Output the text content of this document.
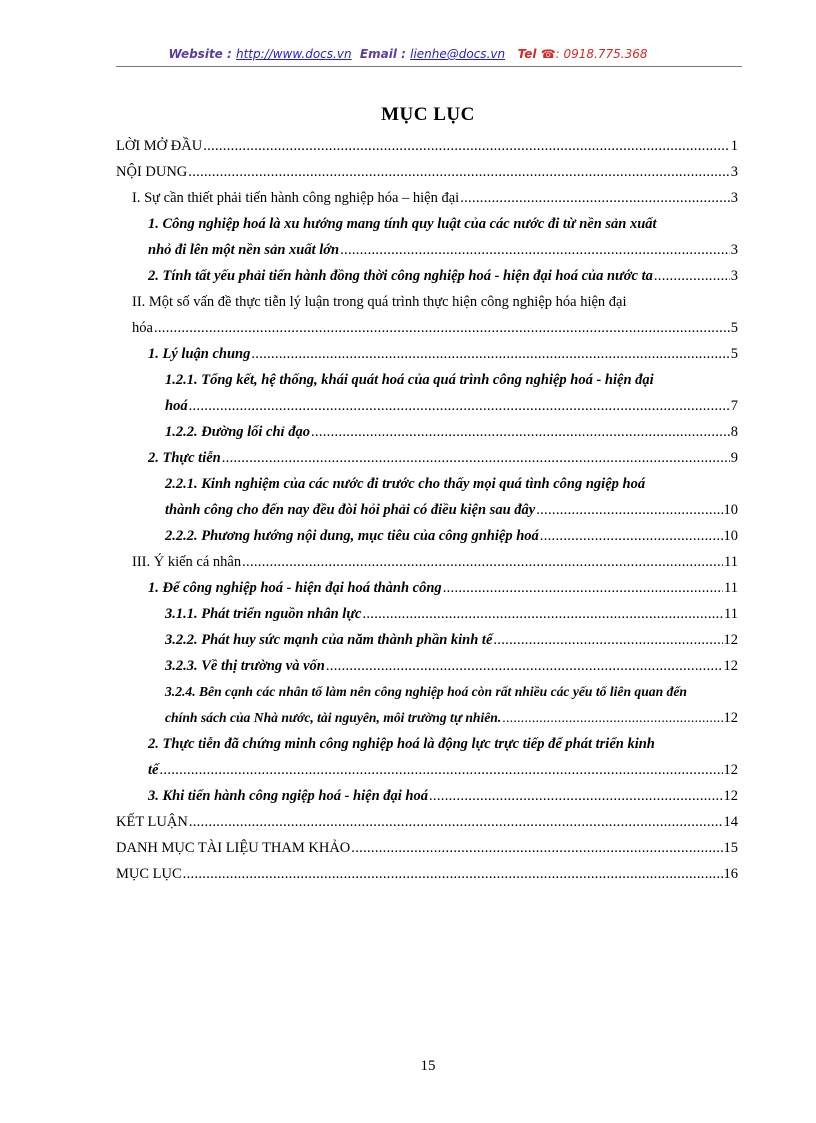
Website : http://www.docs.vn Email : lienhe@docs.vn Tel ☎: 0918.775.368
MỤC LỤC
LỜI MỞ ĐẦU .....	1
NỘI DUNG .....	3
I. Sự cần thiết phải tiến hành công nghiệp hóa – hiện đại .....	3
1. Công nghiệp hoá là xu hướng mang tính quy luật của các nước đi từ nền sản xuất
nhỏ đi lên một nền sản xuất lớn .....	3
2. Tính tất yếu phải tiến hành đồng thời công nghiệp hoá - hiện đại hoá của nước ta .....	3
II. Một số vấn đề thực tiễn lý luận trong quá trình thực hiện công nghiệp hóa hiện đại
hóa .....	5
1. Lý luận chung .....	5
1.2.1. Tổng kết, hệ thống, khái quát hoá của quá trình công nghiệp hoá - hiện đại
hoá .....	7
1.2.2. Đường lối chỉ đạo .....	8
2. Thực tiễn .....	9
2.2.1. Kinh nghiệm của các nước đi trước cho thấy mọi quá tình công ngiệp hoá
thành công cho đến nay đều đòi hỏi phải có điều kiện sau đây .....	10
2.2.2. Phương hướng nội dung, mục tiêu của công gnhiệp hoá .....	10
III. Ý kiến cá nhân .....	11
1. Để công nghiệp hoá - hiện đại hoá thành công .....	11
3.1.1. Phát triển nguồn nhân lực .....	11
3.2.2. Phát huy sức mạnh của năm thành phần kinh tế .....	12
3.2.3. Về thị trường và vốn .....	12
3.2.4. Bên cạnh các nhân tố làm nên công nghiệp hoá còn rất nhiều các yếu tố liên quan đến
chính sách của Nhà nước, tài nguyên, môi trường tự nhiên. .....	12
2. Thực tiễn đã chứng minh công nghiệp hoá là động lực trực tiếp để phát triển kinh
tế .....	12
3. Khi tiến hành công ngiệp hoá - hiện đại hoá .....	12
KẾT LUẬN .....	14
DANH MỤC TÀI LIỆU THAM KHẢO .....	15
MỤC LỤC .....	16
15
